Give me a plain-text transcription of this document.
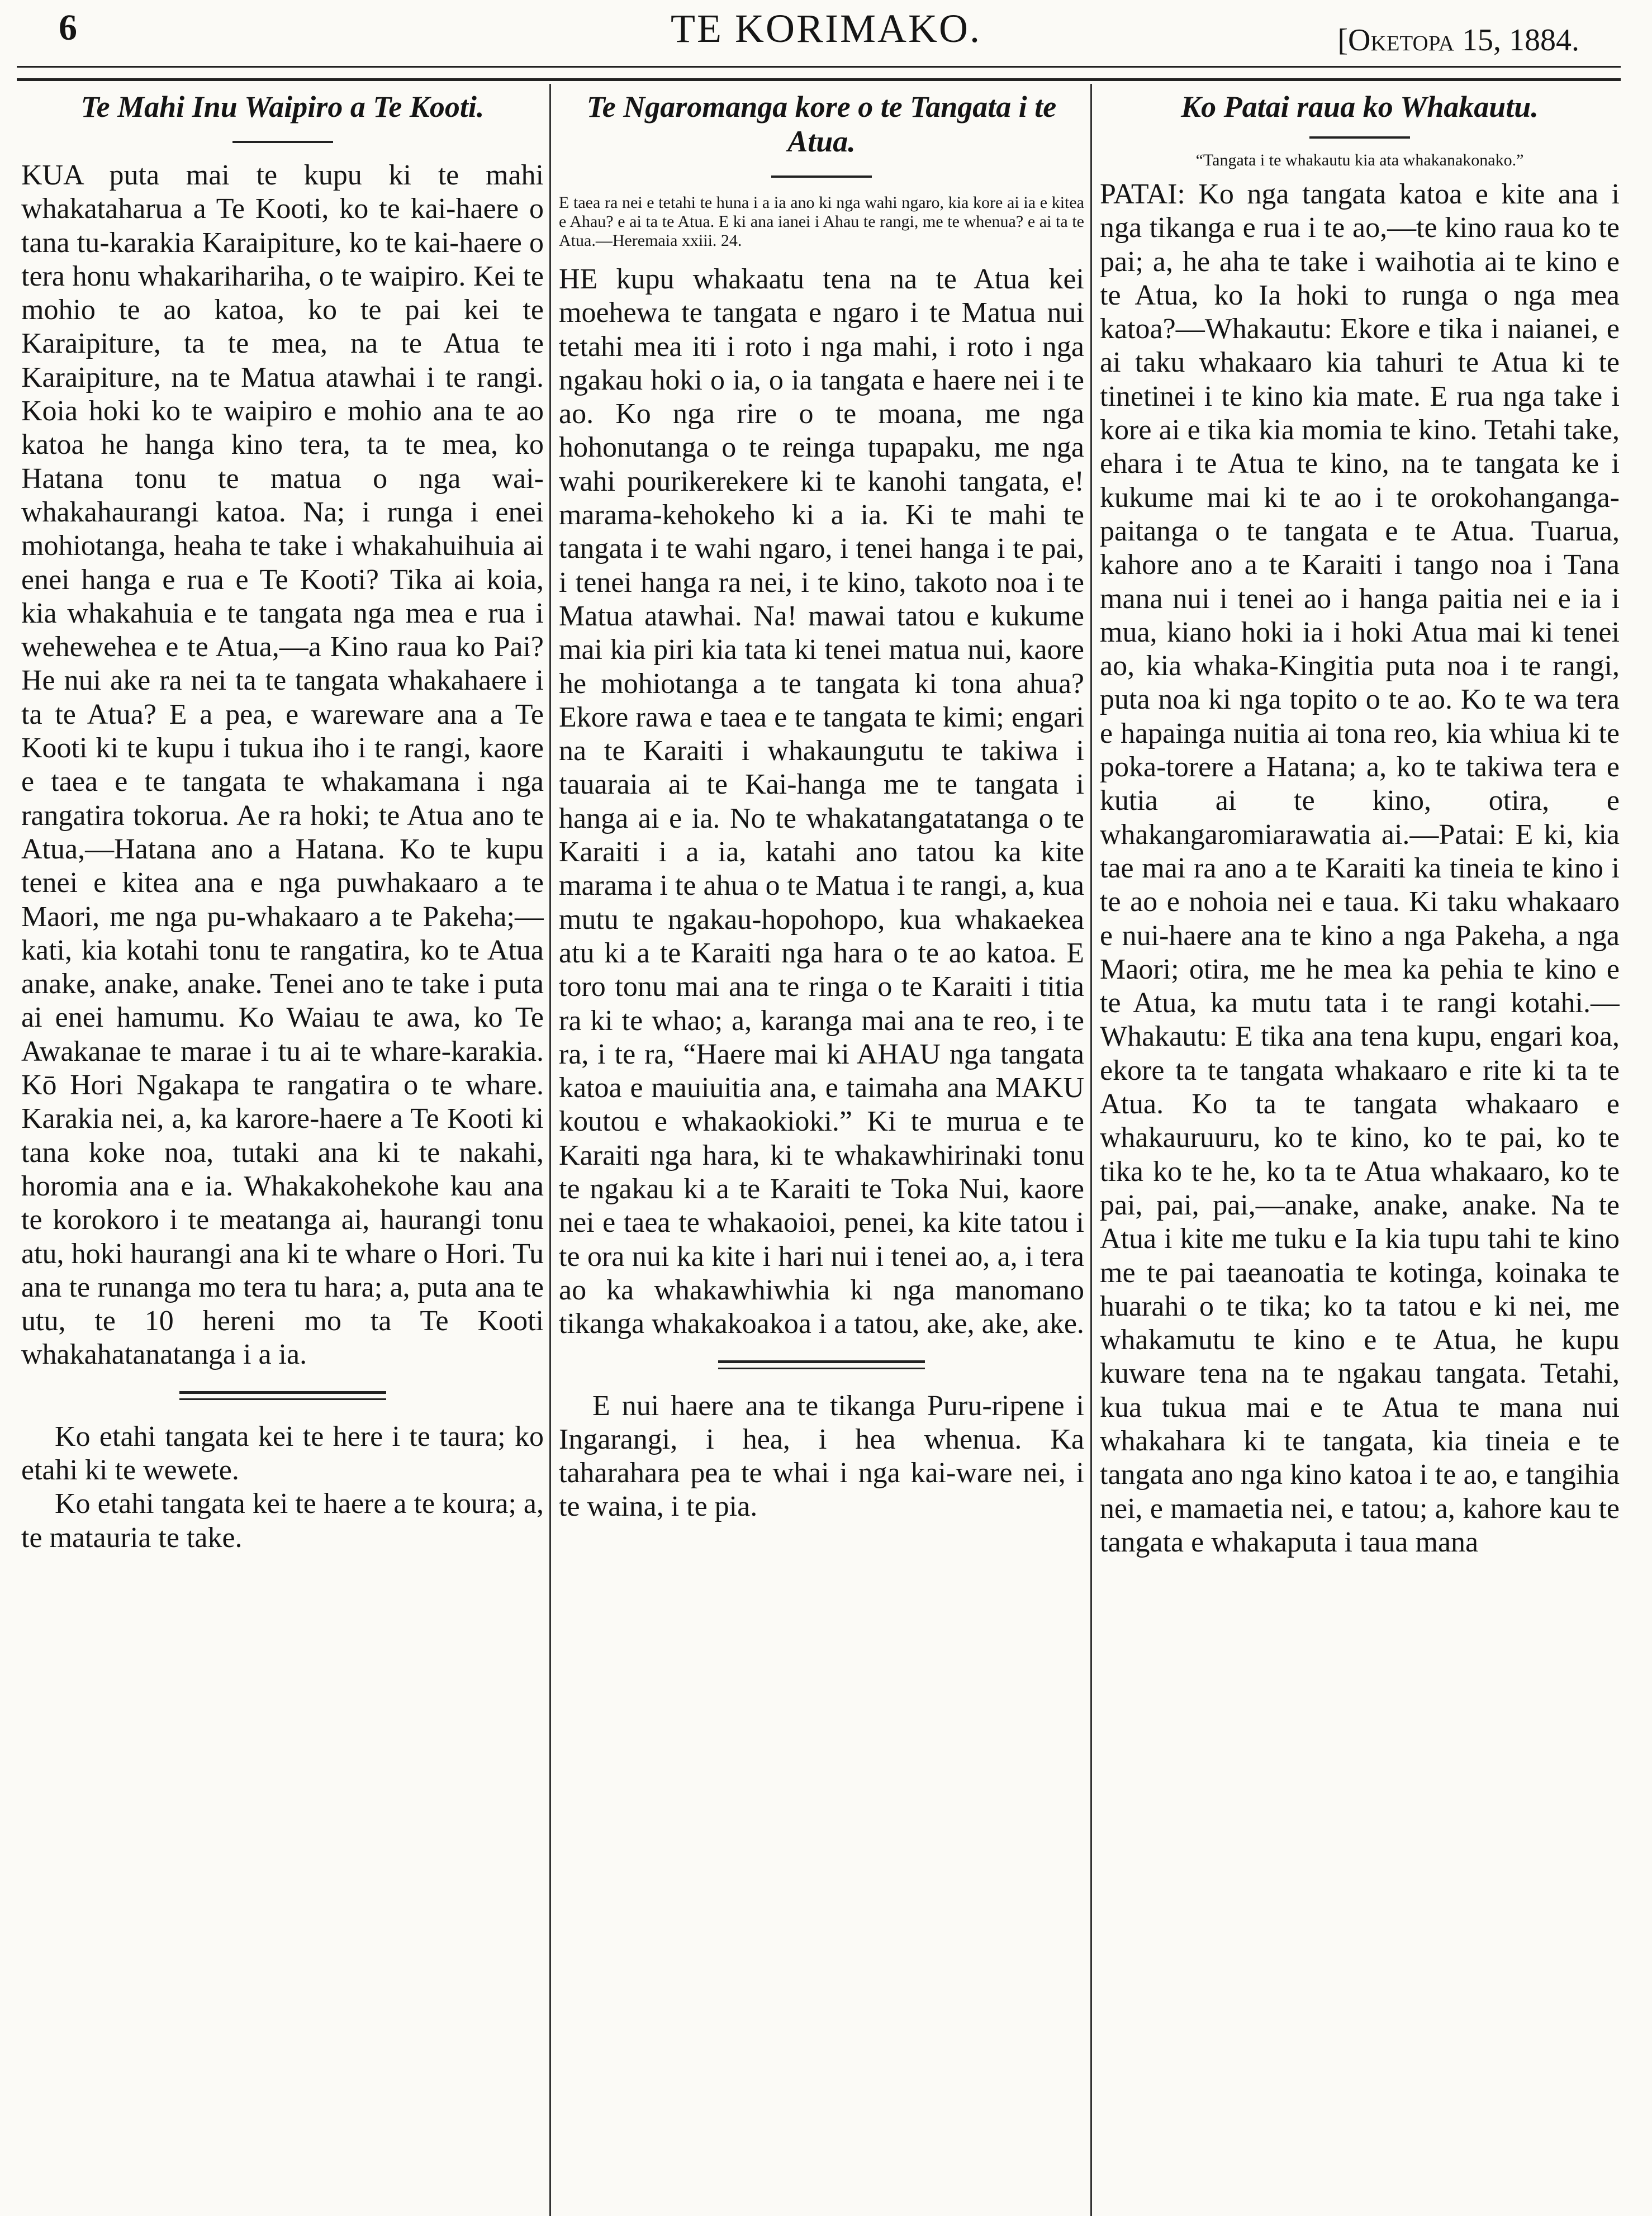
6	TE KORIMAKO.	[Oketopa 15, 1884.
Te Mahi Inu Waipiro a Te Kooti.

KUA puta mai te kupu ki te mahi whakataharua a Te Kooti, ko te kai-haere o tana tu-karakia Karaipiture, ko te kai-haere o tera honu whakarihariha, o te waipiro. Kei te mohio te ao katoa, ko te pai kei te Karaipiture, ta te mea, na te Atua te Karaipiture, na te Matua atawhai i te rangi. Koia hoki ko te waipiro e mohio ana te ao katoa he hanga kino tera, ta te mea, ko Hatana tonu te matua o nga wai-whakahaurangi katoa. Na; i runga i enei mohiotanga, heaha te take i whakahuihuia ai enei hanga e rua e Te Kooti? Tika ai koia, kia whakahuia e te tangata nga mea e rua i wehewehea e te Atua,—a Kino raua ko Pai? He nui ake ra nei ta te tangata whakahaere i ta te Atua? E a pea, e wareware ana a Te Kooti ki te kupu i tukua iho i te rangi, kaore e taea e te tangata te whakamana i nga rangatira tokorua. Ae ra hoki; te Atua ano te Atua,—Hatana ano a Hatana. Ko te kupu tenei e kitea ana e nga puwhakaaro a te Maori, me nga pu-whakaaro a te Pakeha;—kati, kia kotahi tonu te rangatira, ko te Atua anake, anake, anake. Tenei ano te take i puta ai enei hamumu. Ko Waiau te awa, ko Te Awakanae te marae i tu ai te whare-karakia. Kō Hori Ngakapa te rangatira o te whare. Karakia nei, a, ka karore-haere a Te Kooti ki tana koke noa, tutaki ana ki te nakahi, horomia ana e ia. Whakakohekohe kau ana te korokoro i te meatanga ai, haurangi tonu atu, hoki haurangi ana ki te whare o Hori. Tu ana te runanga mo tera tu hara; a, puta ana te utu, te 10 hereni mo ta Te Kooti whakahatanatanga i a ia.

Ko etahi tangata kei te here i te taura; ko etahi ki te wewete.

Ko etahi tangata kei te haere a te koura; a, te matauria te take.

Te Ngaromanga kore o te Tangata i te Atua.

E taea ra nei e tetahi te huna i a ia ano ki nga wahi ngaro, kia kore ai ia e kitea e Ahau? e ai ta te Atua. E ki ana ianei i Ahau te rangi, me te whenua? e ai ta te Atua.—Heremaia xxiii. 24.

HE kupu whakaatu tena na te Atua kei moehewa te tangata e ngaro i te Matua nui tetahi mea iti i roto i nga mahi, i roto i nga ngakau hoki o ia, o ia tangata e haere nei i te ao. Ko nga rire o te moana, me nga hohonutanga o te reinga tupapaku, me nga wahi pourikerekere ki te kanohi tangata, e! marama-kehokeho ki a ia. Ki te mahi te tangata i te wahi ngaro, i tenei hanga i te pai, i tenei hanga ra nei, i te kino, takoto noa i te Matua atawhai. Na! mawai tatou e kukume mai kia piri kia tata ki tenei matua nui, kaore he mohiotanga a te tangata ki tona ahua? Ekore rawa e taea e te tangata te kimi; engari na te Karaiti i whakaungutu te takiwa i tauaraia ai te Kai-hanga me te tangata i hanga ai e ia. No te whakatangatatanga o te Karaiti i a ia, katahi ano tatou ka kite marama i te ahua o te Matua i te rangi, a, kua mutu te ngakau-hopohopo, kua whakaekea atu ki a te Karaiti nga hara o te ao katoa. E toro tonu mai ana te ringa o te Karaiti i titia ra ki te whao; a, karanga mai ana te reo, i te ra, i te ra, “Haere mai ki AHAU nga tangata katoa e mauiuitia ana, e taimaha ana MAKU koutou e whakaokioki.” Ki te murua e te Karaiti nga hara, ki te whakawhirinaki tonu te ngakau ki a te Karaiti te Toka Nui, kaore nei e taea te whakaoioi, penei, ka kite tatou i te ora nui ka kite i hari nui i tenei ao, a, i tera ao ka whakawhiwhia ki nga manomano tikanga whakakoakoa i a tatou, ake, ake, ake.

E nui haere ana te tikanga Puru-ripene i Ingarangi, i hea, i hea whenua. Ka taharahara pea te whai i nga kai-ware nei, i te waina, i te pia.

Ko Patai raua ko Whakautu.

“Tangata i te whakautu kia ata whakanakonako.”

PATAI: Ko nga tangata katoa e kite ana i nga tikanga e rua i te ao,—te kino raua ko te pai; a, he aha te take i waihotia ai te kino e te Atua, ko Ia hoki to runga o nga mea katoa?—Whakautu: Ekore e tika i naianei, e ai taku whakaaro kia tahuri te Atua ki te tinetinei i te kino kia mate. E rua nga take i kore ai e tika kia momia te kino. Tetahi take, ehara i te Atua te kino, na te tangata ke i kukume mai ki te ao i te orokohanganga-paitanga o te tangata e te Atua. Tuarua, kahore ano a te Karaiti i tango noa i Tana mana nui i tenei ao i hanga paitia nei e ia i mua, kiano hoki ia i hoki Atua mai ki tenei ao, kia whaka-Kingitia puta noa i te rangi, puta noa ki nga topito o te ao. Ko te wa tera e hapainga nuitia ai tona reo, kia whiua ki te poka-torere a Hatana; a, ko te takiwa tera e kutia ai te kino, otira, e whakangaromiarawatia ai.—Patai: E ki, kia tae mai ra ano a te Karaiti ka tineia te kino i te ao e nohoia nei e taua. Ki taku whakaaro e nui-haere ana te kino a nga Pakeha, a nga Maori; otira, me he mea ka pehia te kino e te Atua, ka mutu tata i te rangi kotahi.—Whakautu: E tika ana tena kupu, engari koa, ekore ta te tangata whakaaro e rite ki ta te Atua. Ko ta te tangata whakaaro e whakauruuru, ko te kino, ko te pai, ko te tika ko te he, ko ta te Atua whakaaro, ko te pai, pai, pai,—anake, anake, anake. Na te Atua i kite me tuku e Ia kia tupu tahi te kino me te pai taeanoatia te kotinga, koinaka te huarahi o te tika; ko ta tatou e ki nei, me whakamutu te kino e te Atua, he kupu kuware tena na te ngakau tangata. Tetahi, kua tukua mai e te Atua te mana nui whakahara ki te tangata, kia tineia e te tangata ano nga kino katoa i te ao, e tangihia nei, e mamaetia nei, e tatou; a, kahore kau te tangata e whakaputa i taua mana
